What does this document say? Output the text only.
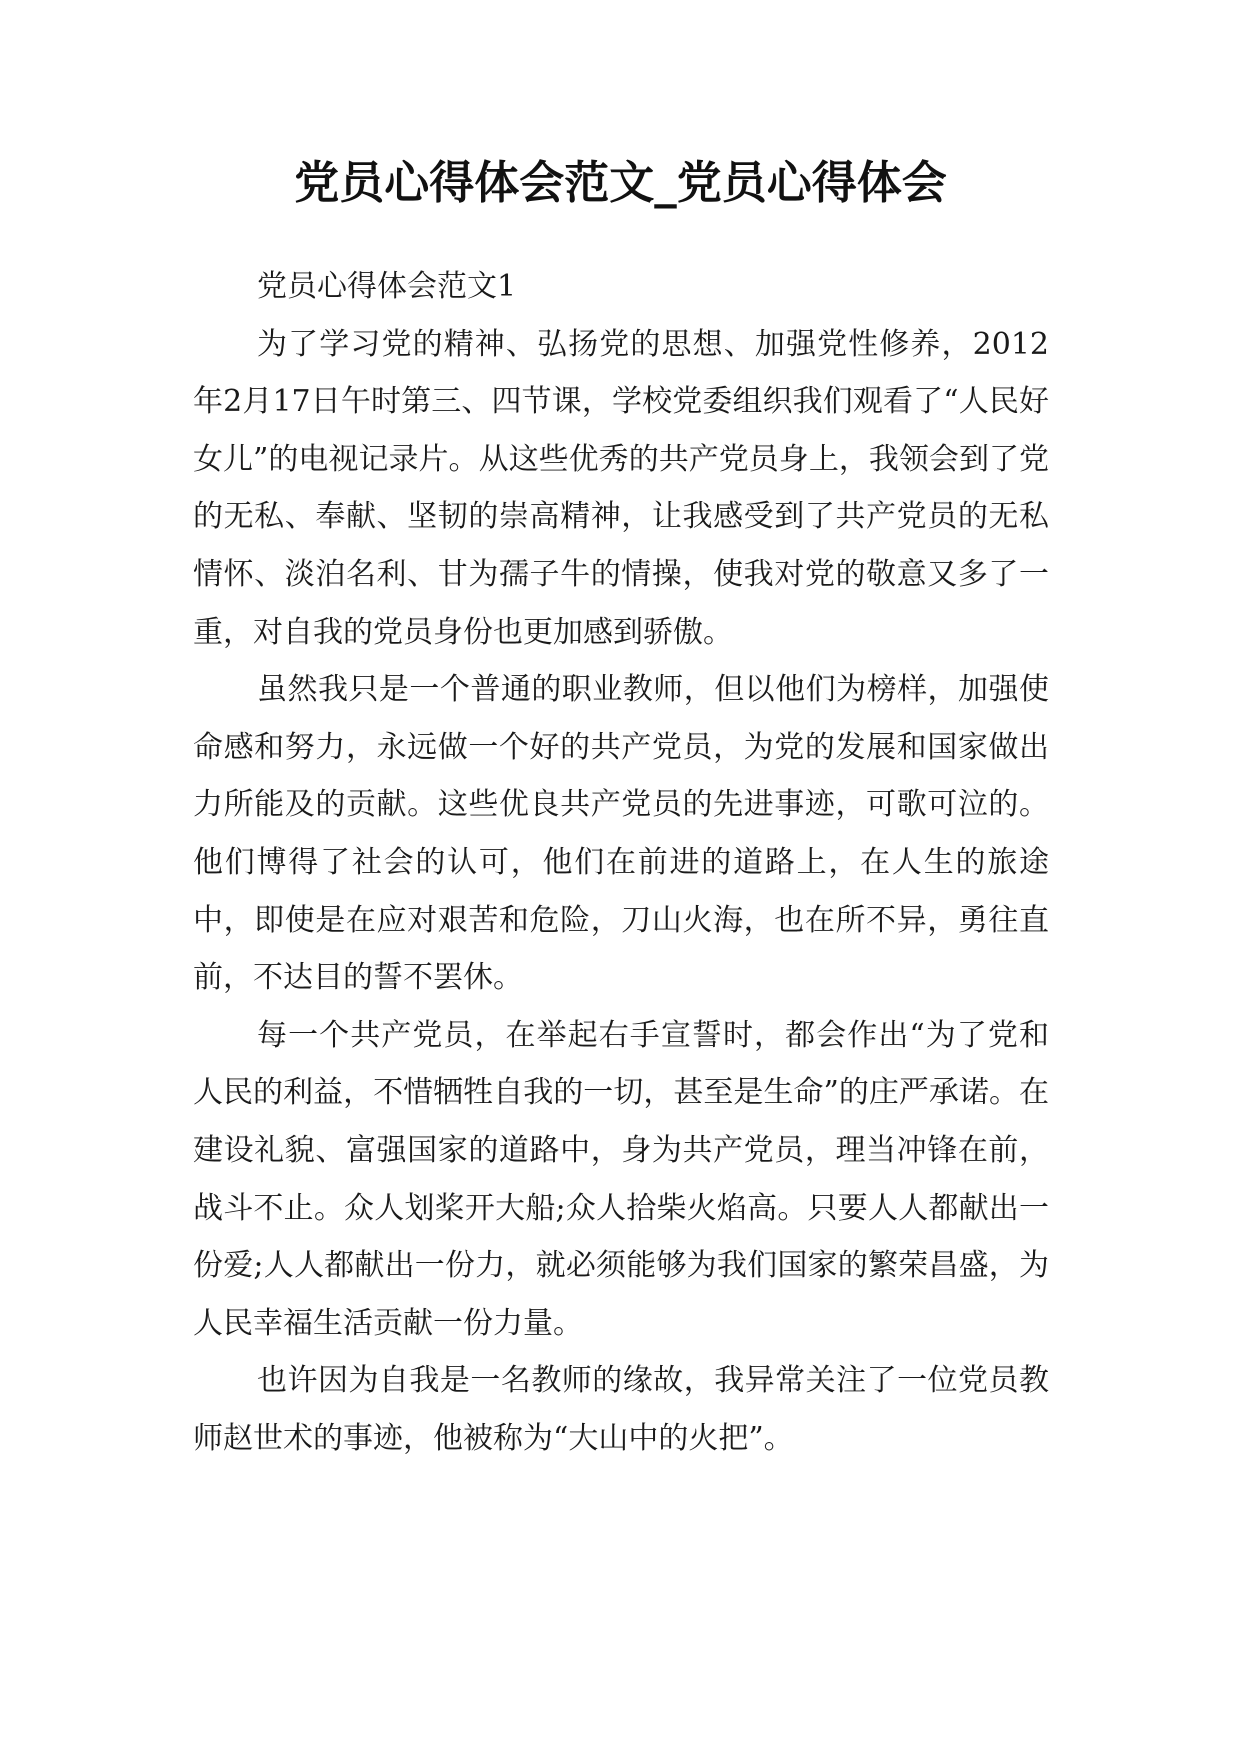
党员心得体会范文_党员心得体会

党员心得体会范文1

为了学习党的精神、弘扬党的思想、加强党性修养，2012年2月17日午时第三、四节课，学校党委组织我们观看了“人民好女儿”的电视记录片。从这些优秀的共产党员身上，我领会到了党的无私、奉献、坚韧的崇高精神，让我感受到了共产党员的无私情怀、淡泊名利、甘为孺子牛的情操，使我对党的敬意又多了一重，对自我的党员身份也更加感到骄傲。

虽然我只是一个普通的职业教师，但以他们为榜样，加强使命感和努力，永远做一个好的共产党员，为党的发展和国家做出力所能及的贡献。这些优良共产党员的先进事迹，可歌可泣的。他们博得了社会的认可，他们在前进的道路上，在人生的旅途中，即使是在应对艰苦和危险，刀山火海，也在所不异，勇往直前，不达目的誓不罢休。

每一个共产党员，在举起右手宣誓时，都会作出“为了党和人民的利益，不惜牺牲自我的一切，甚至是生命”的庄严承诺。在建设礼貌、富强国家的道路中，身为共产党员，理当冲锋在前，战斗不止。众人划桨开大船;众人拾柴火焰高。只要人人都献出一份爱;人人都献出一份力，就必须能够为我们国家的繁荣昌盛，为人民幸福生活贡献一份力量。

也许因为自我是一名教师的缘故，我异常关注了一位党员教师赵世术的事迹，他被称为“大山中的火把”。
